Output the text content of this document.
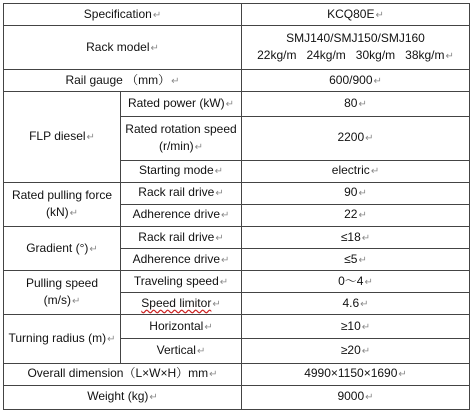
Specification↵		KCQ80E↵
Rack model↵		SMJ140/SMJ150/SMJ160
22kg/m   24kg/m   30kg/m   38kg/m↵

Rail gauge （mm）↵		600/900↵
FLP diesel↵	Rated power (kW)↵	80↵

	Rated rotation speed
(r/min)↵	2200↵
	Starting mode↵	electric↵

Rated pulling force
(kN)↵	Rack rail drive↵	90↵
	Adherence drive↵	22↵
Gradient (°)↵	Rack rail drive↵	≤18↵
	Adherence drive↵	≤5↵
Pulling speed (m/s)↵	Traveling speed↵	0～4↵
	Speed limitor↵	4.6↵
Turning radius (m)↵	Horizontal↵	≥10↵
	Vertical↵	≥20↵
Overall dimension（L×W×H）mm↵		4990×1150×1690↵
Weight (kg)↵		9000↵
